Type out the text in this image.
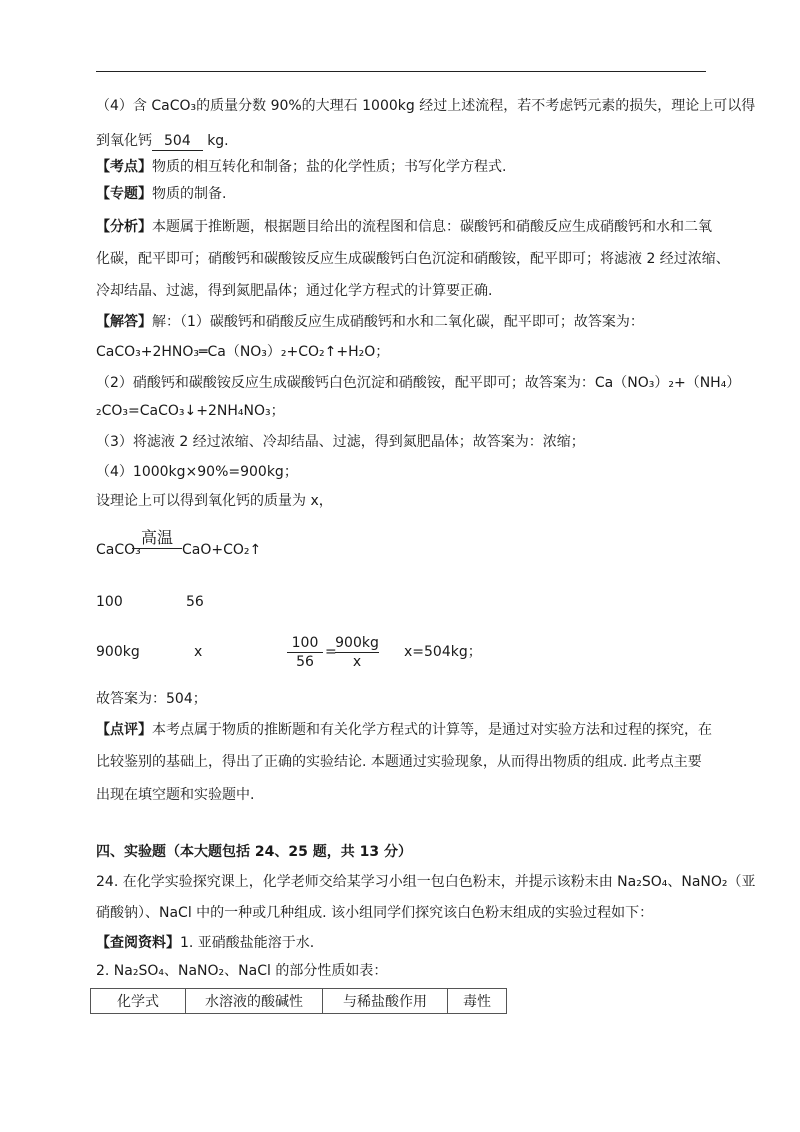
（4）含 CaCO₃的质量分数 90%的大理石 1000kg 经过上述流程，若不考虑钙元素的损失，理论上可以得
到氧化钙 504 kg.
【考点】物质的相互转化和制备；盐的化学性质；书写化学方程式.
【专题】物质的制备.
【分析】本题属于推断题，根据题目给出的流程图和信息：碳酸钙和硝酸反应生成硝酸钙和水和二氧
化碳，配平即可；硝酸钙和碳酸铵反应生成碳酸钙白色沉淀和硝酸铵，配平即可；将滤液 2 经过浓缩、
冷却结晶、过滤，得到氮肥晶体；通过化学方程式的计算要正确.
【解答】解：（1）碳酸钙和硝酸反应生成硝酸钙和水和二氧化碳，配平即可；故答案为：
CaCO₃+2HNO₃═Ca（NO₃）₂+CO₂↑+H₂O；
（2）硝酸钙和碳酸铵反应生成碳酸钙白色沉淀和硝酸铵，配平即可；故答案为：Ca（NO₃）₂+（NH₄）
₂CO₃=CaCO₃↓+2NH₄NO₃；
（3）将滤液 2 经过浓缩、冷却结晶、过滤，得到氮肥晶体；故答案为：浓缩；
（4）1000kg×90%=900kg；
设理论上可以得到氧化钙的质量为 x，
CaCO₃
高温
CaO+CO₂↑
100	56
900kg	x	$\frac{100}{56}$ =
$\frac{900kg}{x} x=504kg$；
故答案为：504；
【点评】本考点属于物质的推断题和有关化学方程式的计算等，是通过对实验方法和过程的探究，在
比较鉴别的基础上，得出了正确的实验结论. 本题通过实验现象，从而得出物质的组成. 此考点主要
出现在填空题和实验题中.
四、实验题（本大题包括 24、25 题，共 13 分）
24. 在化学实验探究课上，化学老师交给某学习小组一包白色粉末，并提示该粉末由 Na₂SO₄、NaNO₂（亚
硝酸钠）、NaCl 中的一种或几种组成. 该小组同学们探究该白色粉末组成的实验过程如下：
【查阅资料】1. 亚硝酸盐能溶于水.
2. Na₂SO₄、NaNO₂、NaCl 的部分性质如表：
化学式	水溶液的酸碱性	与稀盐酸作用	毒性
